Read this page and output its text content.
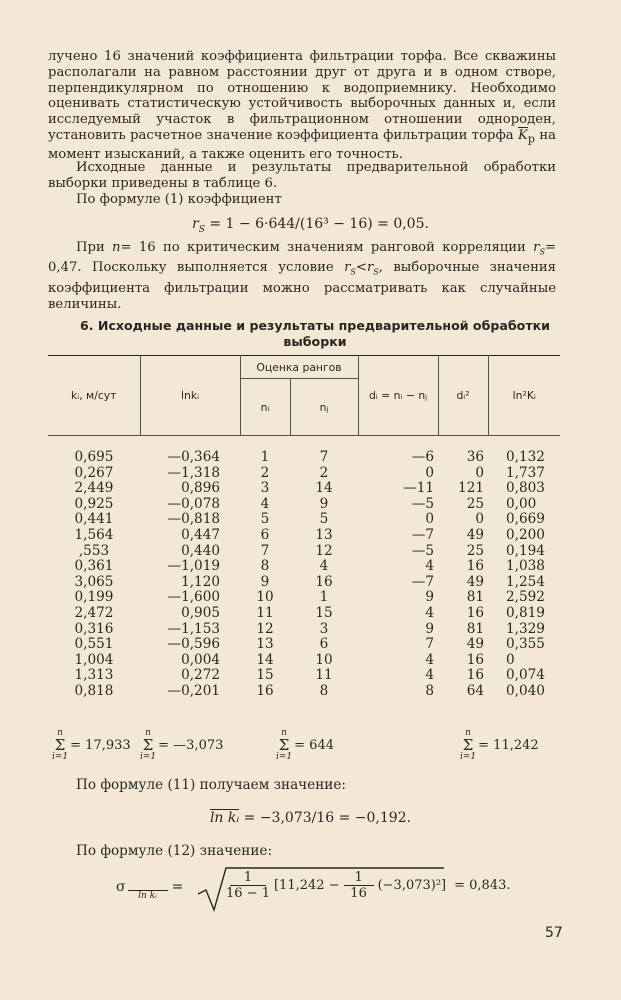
лучено 16 значений коэффициента фильтрации торфа. Все скважины располагали на равном расстоянии друг от друга и в одном створе, перпендикулярном по отношению к водоприемнику. Необходимо оценивать статистическую устойчивость выборочных данных и, если исследуемый участок в фильтрационном отношении однороден, установить расчетное значение коэффициента фильтрации торфа $\overline{K}_р$ на момент изысканий, а также оценить его точность.

Исходные данные и результаты предварительной обработки выборки приведены в таблице 6.

По формуле (1) коэффициент

$r_S = 1 - 6\cdot 644/(16^3 - 16) = 0,05$.

При n= 16 по критическим значениям ранговой корреляции $r_S= 0,47$. Поскольку выполняется условие $r_S<r_S$, выборочные значения коэффициента фильтрации можно рассматривать как случайные величины.

6. Исходные данные и результаты предварительной обработки выборки
kᵢ, м/сут	lnkᵢ	Оценка рангов		dᵢ = nᵢ − nⱼ	dᵢ²	ln²Kᵢ
		nᵢ	nⱼ			

0,695	—0,364	1	7	—6	36	0,132
0,267	—1,318	2	2	0	0	1,737
2,449	0,896	3	14	—11	121	0,803
0,925	—0,078	4	9	—5	25	0,00
0,441	—0,818	5	5	0	0	0,669
1,564	0,447	6	13	—7	49	0,200
,553	0,440	7	12	—5	25	0,194
0,361	—1,019	8	4	4	16	1,038
3,065	1,120	9	16	—7	49	1,254
0,199	—1,600	10	1	9	81	2,592
2,472	0,905	11	15	4	16	0,819
0,316	—1,153	12	3	9	81	1,329
0,551	—0,596	13	6	7	49	0,355
1,004	0,004	14	10	4	16	0
1,313	0,272	15	11	4	16	0,074
0,818	—0,201	16	8	8	64	0,040
n
Σ
i=1
= 17,933
n
Σ
i=1
= —3,073
n
Σ
i=1
= 644
n
Σ
i=1
= 11,242

По формуле (11) получаем значение:

ln kᵢ = −3,073/16 = −0,192.

По формуле (12) значение:

σ
ln kᵢ
=
1
16 − 1
[11,242 −
1
16
(−3,073)²] = 0,843.
57
